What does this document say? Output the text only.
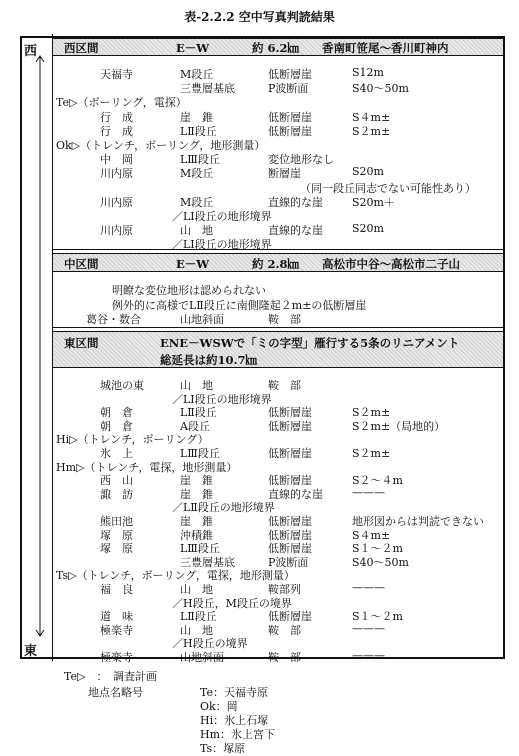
表-2.2.2 空中写真判読結果
西
東
西区間	E－W	約 6.2㎞ 香南町笹尾～香川町神内
天福寺	M段丘	低断層崖	S12m
三豊層基底	P波断面	S40～50m
Te▷（ボーリング，電探）
行　成	崖　錐	低断層崖	S４m±
行　成	LⅡ段丘	低断層崖	S２m±
Ok▷（トレンチ，ボーリング，地形測量）
中　岡	LⅢ段丘	変位地形なし
川内原	M段丘	断層崖	S20m
（同一段丘同志でない可能性あり）
川内原	M段丘	直線的な崖	S20m＋
／LⅠ段丘の地形境界
川内原	山　地	直線的な崖	S20m
／LⅠ段丘の地形境界
中区間	E－W	約 2.8㎞ 高松市中谷～高松市二子山
明瞭な変位地形は認められない
例外的に高様でLⅡ段丘に南側隆起２m±の低断層崖
葛谷・数合	山地斜面	鞍　部
東区間	ENE－WSWで「ミの字型」雁行する5条のリニアメント
総延長は約10.7㎞
城池の東	山　地	鞍　部
／LⅠ段丘の地形境界
朝　倉	LⅡ段丘	低断層崖	S２m±
朝　倉	A段丘	低断層崖	S２m±（局地的）
Hi▷（トレンチ，ボーリング）
氷　上	LⅢ段丘	低断層崖	S２m±
Hm▷（トレンチ，電探，地形測量）
西　山	崖　錐	低断層崖	S２～４m
諏　訪	崖　錐	直線的な崖	———
／LⅡ段丘の地形境界
熊田池	崖　錐	低断層崖	地形図からは判読できない
塚　原	沖積錐	低断層崖	S４m±
塚　原	LⅢ段丘	低断層崖	S１～２m
三豊層基底	P波断面	S40～50m
Ts▷（トレンチ，ボーリング，電探，地形測量）
福　良	山　地	鞍部列	———
／H段丘，M段丘の境界
道　味	LⅡ段丘	低断層崖	S１～２m
極楽寺	山　地	鞍　部	———
／H段丘の境界
極楽寺	山地斜面	鞍　部	———
Te▷　：　調査計画
地点名略号	Te：天福寺原
Ok：岡
Hi：氷上石塚
Hm：氷上宮下
Ts：塚原
